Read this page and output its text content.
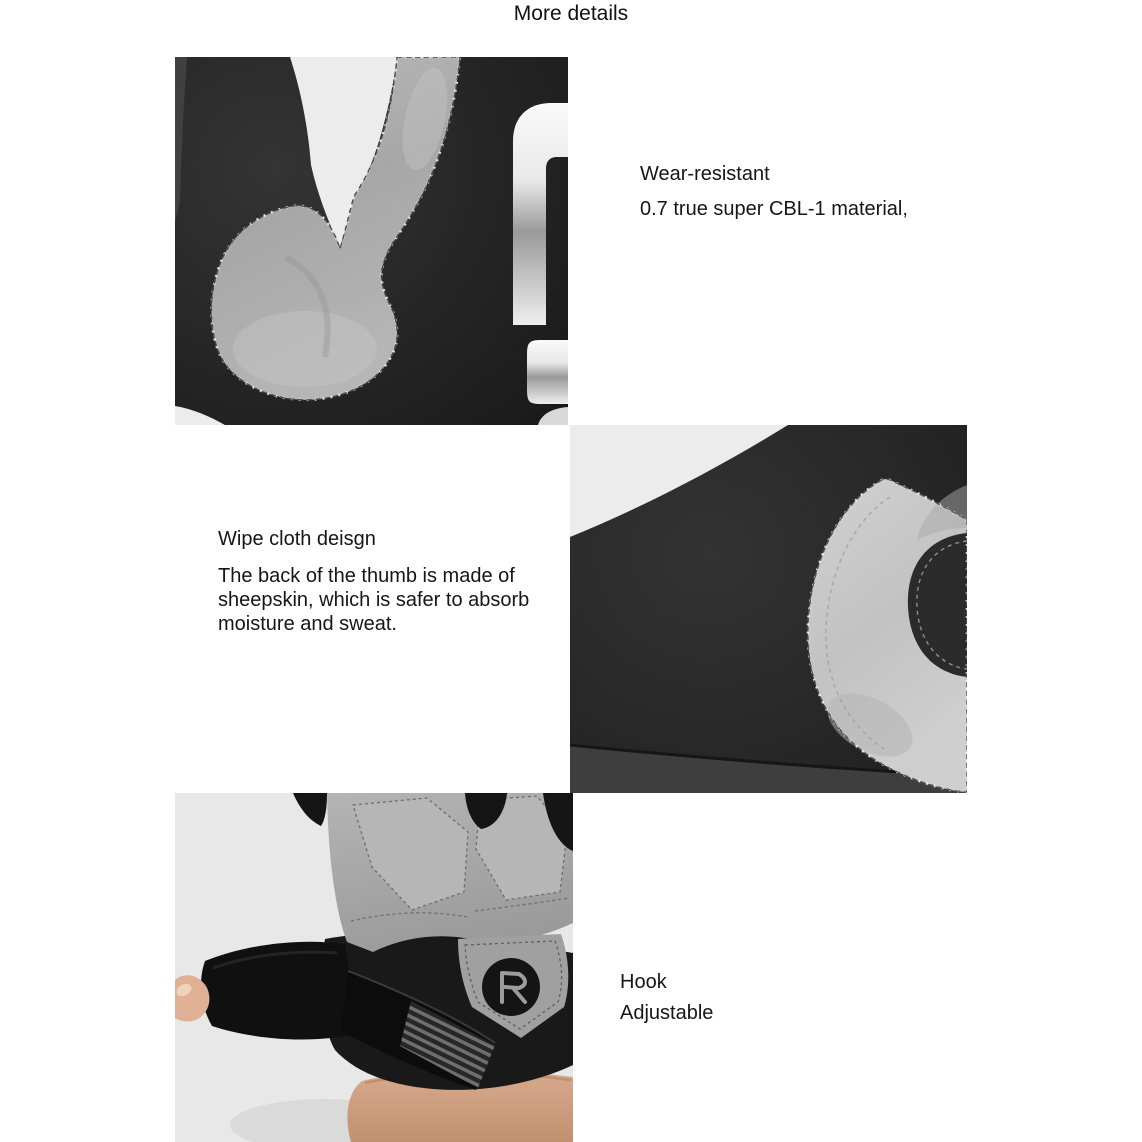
More details
Wear-resistant
0.7 true super CBL-1 material,
Wipe cloth deisgn
The back of the thumb is made of
sheepskin, which is safer to absorb
moisture and sweat.
Hook
Adjustable
